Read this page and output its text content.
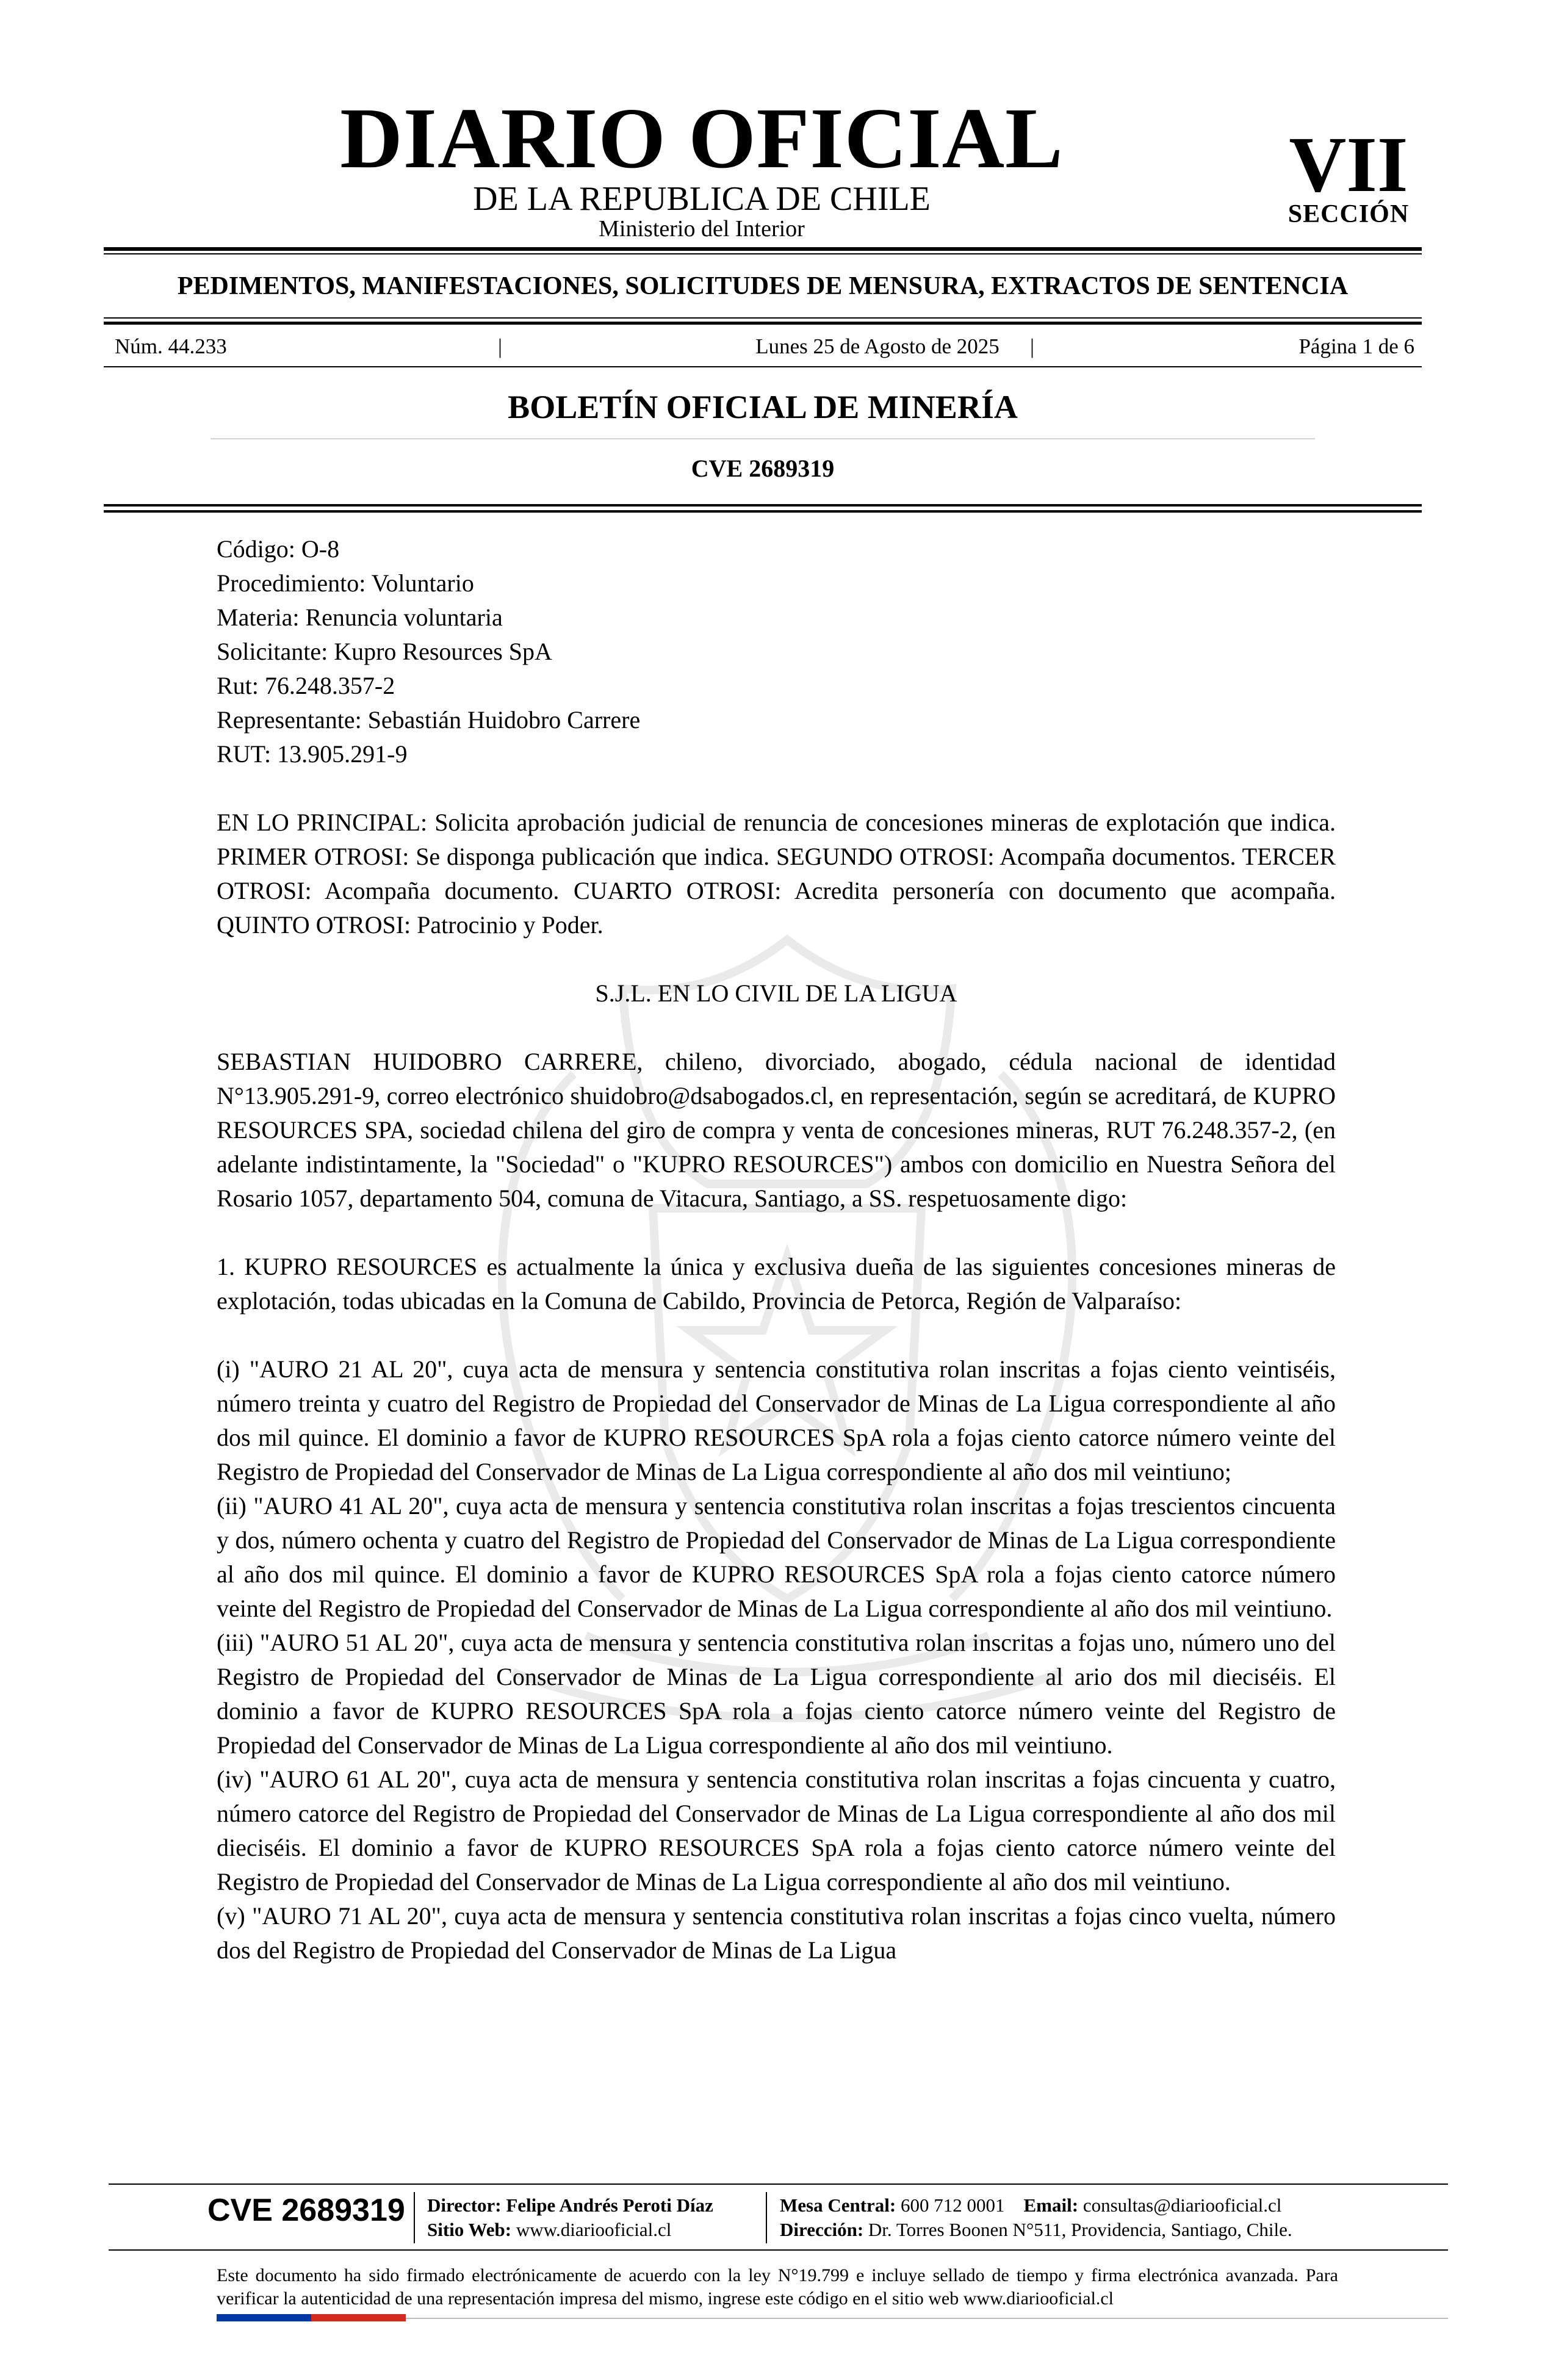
DIARIO OFICIAL
DE LA REPUBLICA DE CHILE
Ministerio del Interior
VII
SECCIÓN
PEDIMENTOS, MANIFESTACIONES, SOLICITUDES DE MENSURA, EXTRACTOS DE SENTENCIA
Núm. 44.233	|	Lunes 25 de Agosto de 2025	|	Página 1 de 6
BOLETÍN OFICIAL DE MINERÍA
CVE 2689319
Código: O-8
Procedimiento: Voluntario
Materia: Renuncia voluntaria
Solicitante: Kupro Resources SpA
Rut: 76.248.357-2
Representante: Sebastián Huidobro Carrere
RUT: 13.905.291-9

EN LO PRINCIPAL: Solicita aprobación judicial de renuncia de concesiones mineras de explotación que indica. PRIMER OTROSI: Se disponga publicación que indica. SEGUNDO OTROSI: Acompaña documentos. TERCER OTROSI: Acompaña documento. CUARTO OTROSI: Acredita personería con documento que acompaña. QUINTO OTROSI: Patrocinio y Poder.

S.J.L. EN LO CIVIL DE LA LIGUA

SEBASTIAN HUIDOBRO CARRERE, chileno, divorciado, abogado, cédula nacional de identidad N°13.905.291-9, correo electrónico shuidobro@dsabogados.cl, en representación, según se acreditará, de KUPRO RESOURCES SPA, sociedad chilena del giro de compra y venta de concesiones mineras, RUT 76.248.357-2, (en adelante indistintamente, la "Sociedad" o "KUPRO RESOURCES") ambos con domicilio en Nuestra Señora del Rosario 1057, departamento 504, comuna de Vitacura, Santiago, a SS. respetuosamente digo:

1. KUPRO RESOURCES es actualmente la única y exclusiva dueña de las siguientes concesiones mineras de explotación, todas ubicadas en la Comuna de Cabildo, Provincia de Petorca, Región de Valparaíso:

(i) "AURO 21 AL 20", cuya acta de mensura y sentencia constitutiva rolan inscritas a fojas ciento veintiséis, número treinta y cuatro del Registro de Propiedad del Conservador de Minas de La Ligua correspondiente al año dos mil quince. El dominio a favor de KUPRO RESOURCES SpA rola a fojas ciento catorce número veinte del Registro de Propiedad del Conservador de Minas de La Ligua correspondiente al año dos mil veintiuno;

(ii) "AURO 41 AL 20", cuya acta de mensura y sentencia constitutiva rolan inscritas a fojas trescientos cincuenta y dos, número ochenta y cuatro del Registro de Propiedad del Conservador de Minas de La Ligua correspondiente al año dos mil quince. El dominio a favor de KUPRO RESOURCES SpA rola a fojas ciento catorce número veinte del Registro de Propiedad del Conservador de Minas de La Ligua correspondiente al año dos mil veintiuno.

(iii) "AURO 51 AL 20", cuya acta de mensura y sentencia constitutiva rolan inscritas a fojas uno, número uno del Registro de Propiedad del Conservador de Minas de La Ligua correspondiente al ario dos mil dieciséis. El dominio a favor de KUPRO RESOURCES SpA rola a fojas ciento catorce número veinte del Registro de Propiedad del Conservador de Minas de La Ligua correspondiente al año dos mil veintiuno.

(iv) "AURO 61 AL 20", cuya acta de mensura y sentencia constitutiva rolan inscritas a fojas cincuenta y cuatro, número catorce del Registro de Propiedad del Conservador de Minas de La Ligua correspondiente al año dos mil dieciséis. El dominio a favor de KUPRO RESOURCES SpA rola a fojas ciento catorce número veinte del Registro de Propiedad del Conservador de Minas de La Ligua correspondiente al año dos mil veintiuno.

(v) "AURO 71 AL 20", cuya acta de mensura y sentencia constitutiva rolan inscritas a fojas cinco vuelta, número dos del Registro de Propiedad del Conservador de Minas de La Ligua

CVE 2689319 Director: Felipe Andrés Peroti Díaz
Sitio Web: www.diariooficial.cl
Mesa Central: 600 712 0001 Email: consultas@diariooficial.cl
Dirección: Dr. Torres Boonen N°511, Providencia, Santiago, Chile.
Este documento ha sido firmado electrónicamente de acuerdo con la ley N°19.799 e incluye sellado de tiempo y firma electrónica avanzada. Para verificar la autenticidad de una representación impresa del mismo, ingrese este código en el sitio web www.diariooficial.cl
